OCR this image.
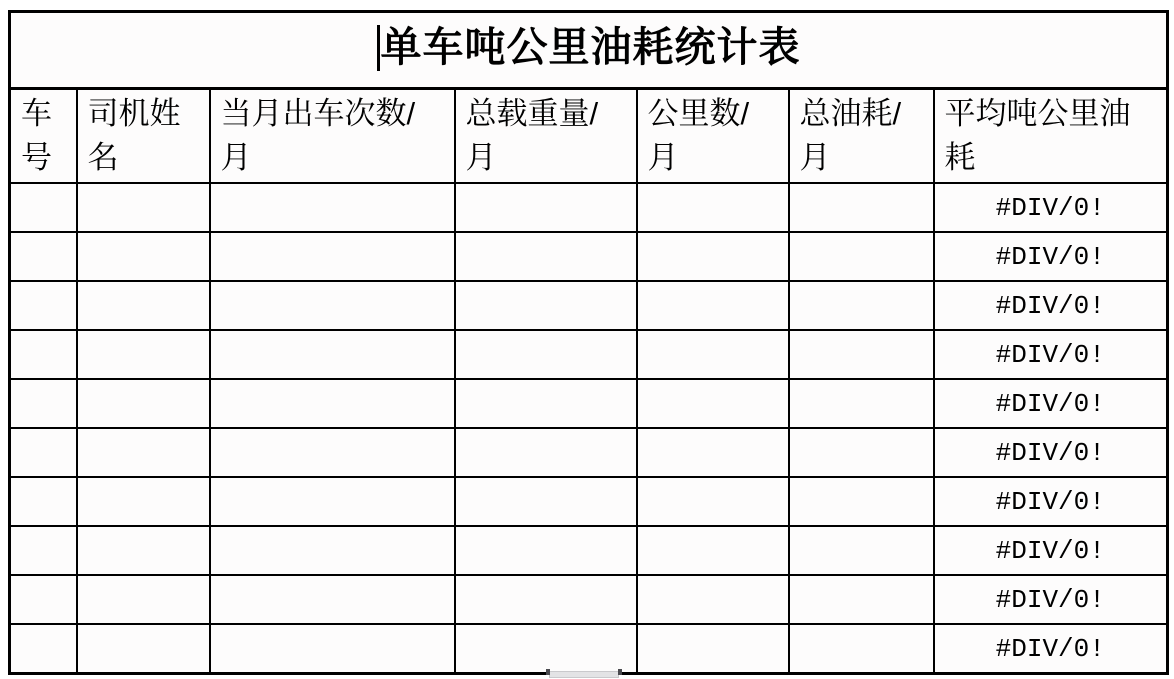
单车吨公里油耗统计表						

车号	司机姓名	当月出车次数/月	总载重量/月	公里数/月	总油耗/月	平均吨公里油耗
						#DIV/0!
						#DIV/0!
						#DIV/0!
						#DIV/0!
						#DIV/0!
						#DIV/0!
						#DIV/0!
						#DIV/0!
						#DIV/0!
						#DIV/0!
